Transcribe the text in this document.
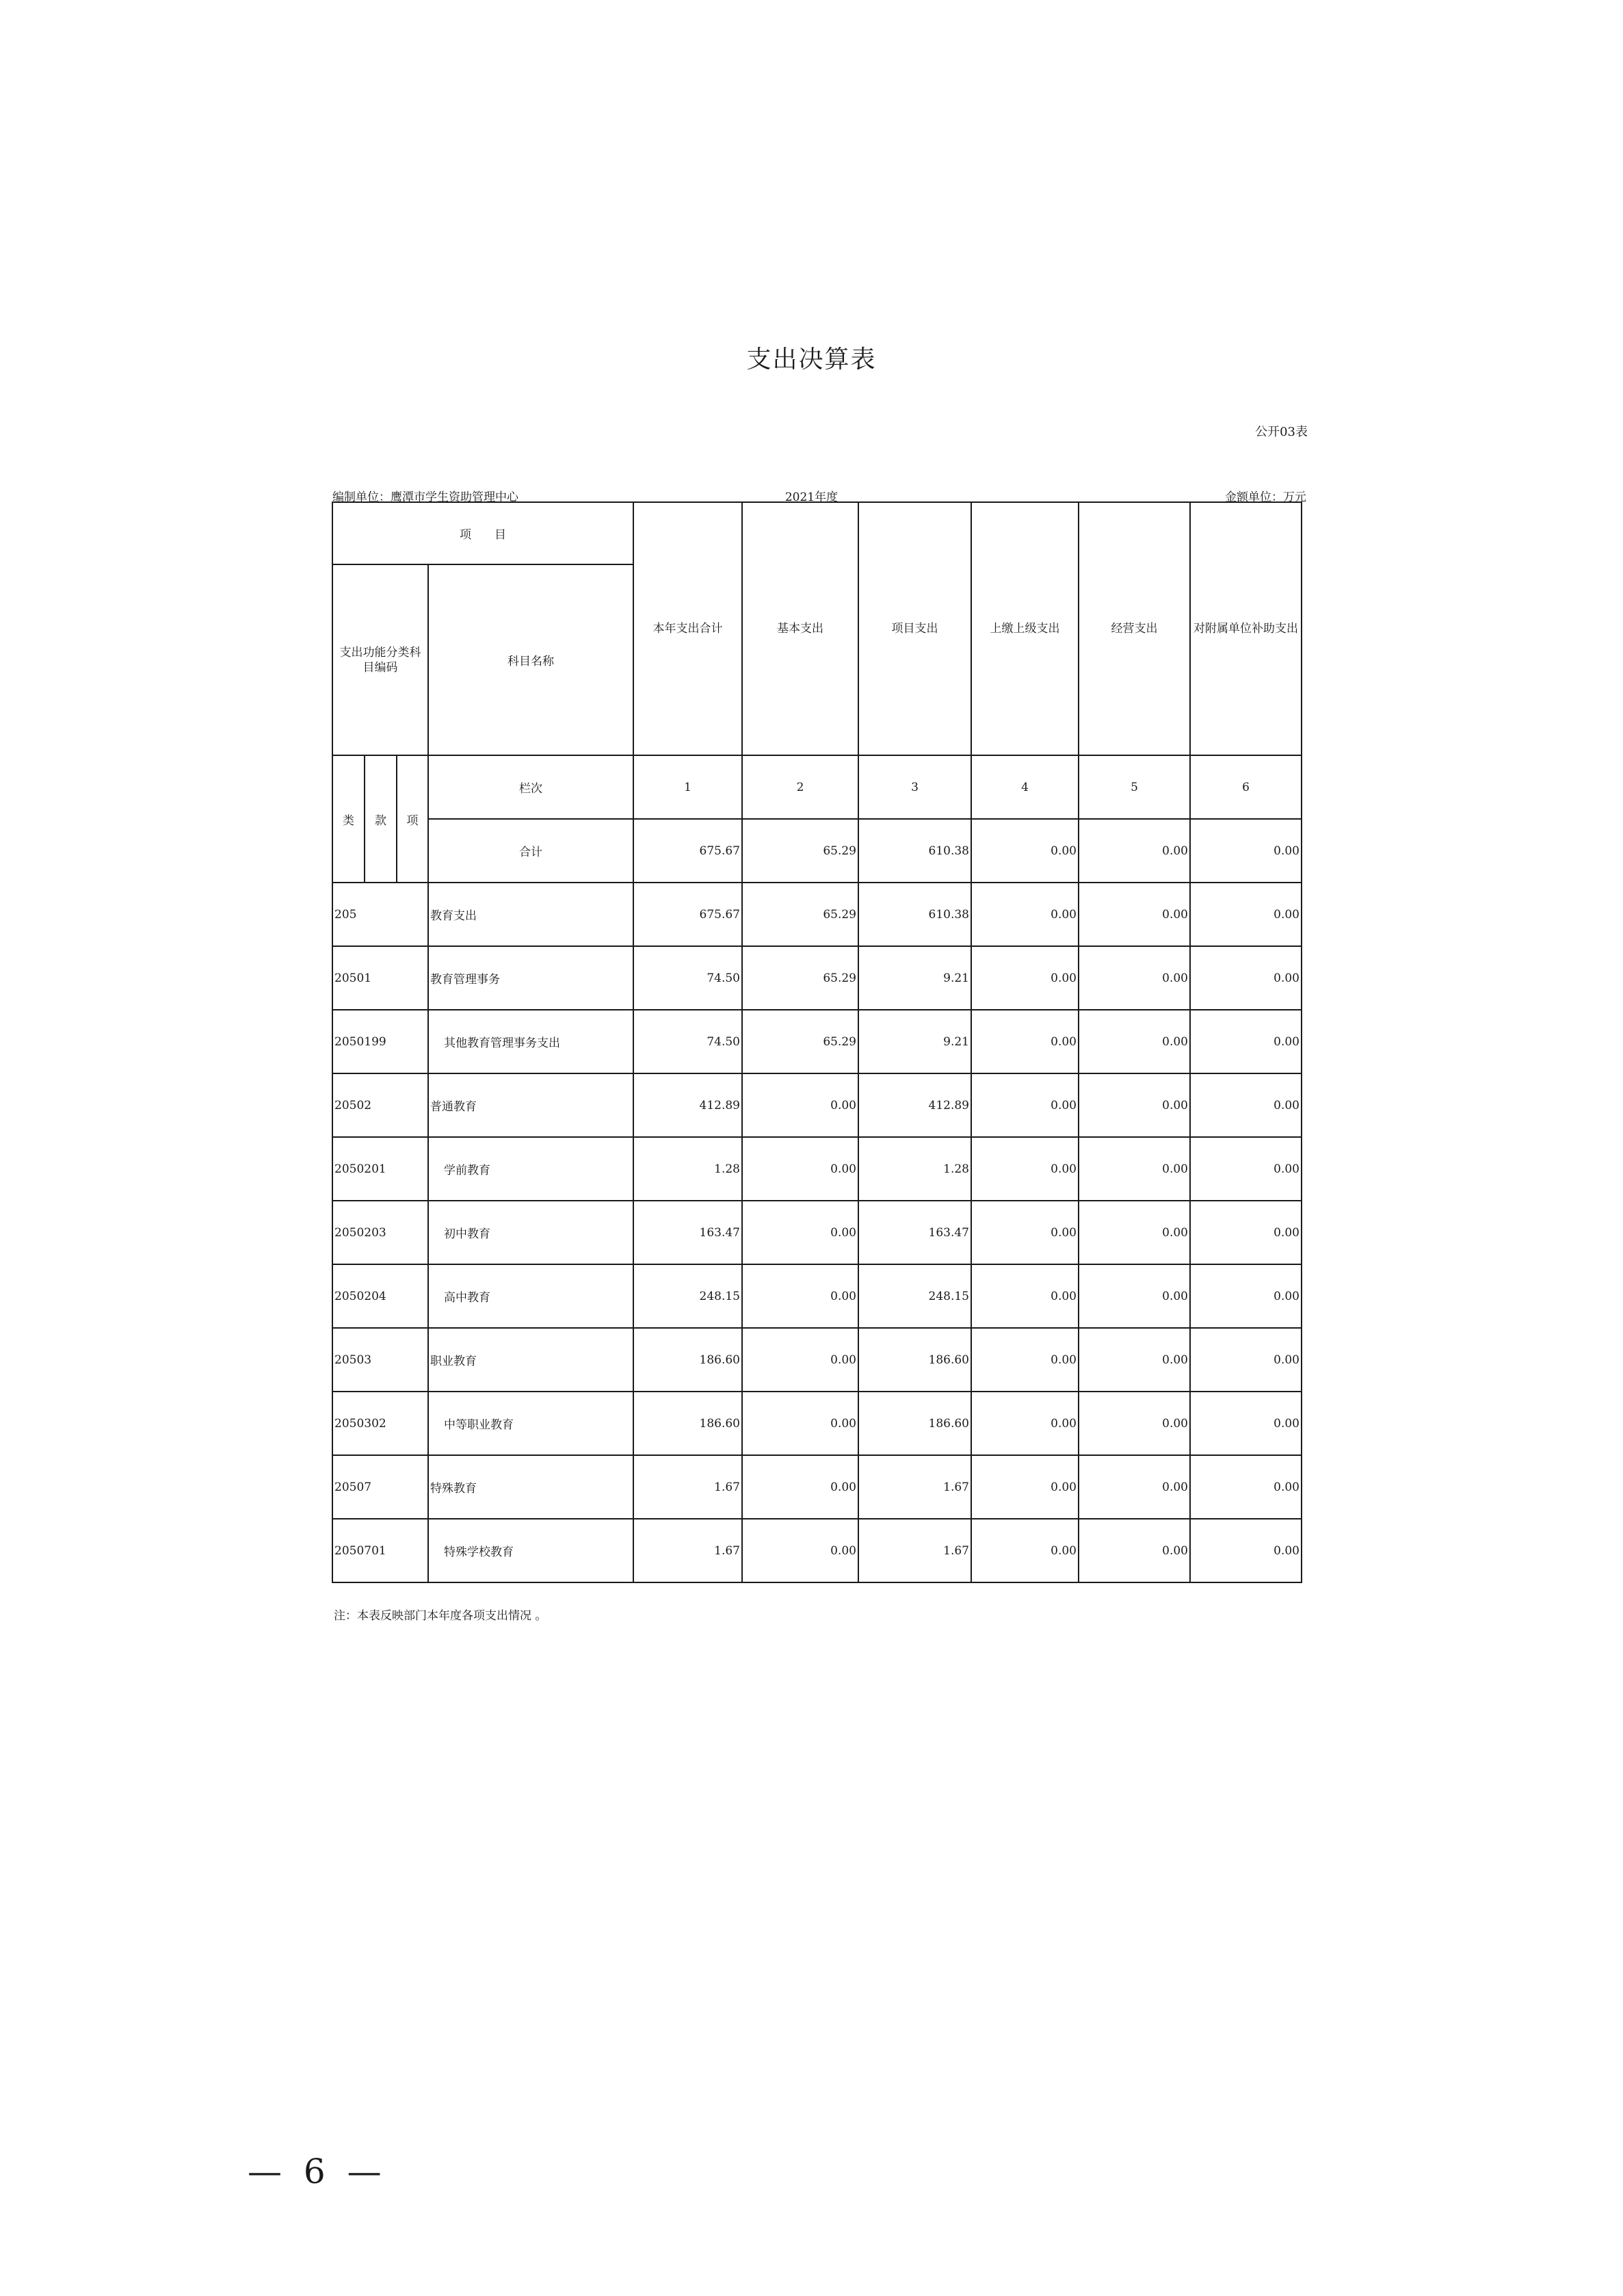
支出决算表
公开03表
编制单位：鹰潭市学生资助管理中心	2021年度	金额单位：万元
项　　目				本年支出合计	基本支出	项目支出	上缴上级支出	经营支出	对附属单位补助支出
支出功能分类科目编码			科目名称						
类	款	项	栏次	1	2	3	4	5	6
			合计	675.67	65.29	610.38	0.00	0.00	0.00
205			教育支出	675.67	65.29	610.38	0.00	0.00	0.00
20501			教育管理事务	74.50	65.29	9.21	0.00	0.00	0.00
2050199			其他教育管理事务支出	74.50	65.29	9.21	0.00	0.00	0.00
20502			普通教育	412.89	0.00	412.89	0.00	0.00	0.00
2050201			学前教育	1.28	0.00	1.28	0.00	0.00	0.00
2050203			初中教育	163.47	0.00	163.47	0.00	0.00	0.00
2050204			高中教育	248.15	0.00	248.15	0.00	0.00	0.00
20503			职业教育	186.60	0.00	186.60	0.00	0.00	0.00
2050302			中等职业教育	186.60	0.00	186.60	0.00	0.00	0.00
20507			特殊教育	1.67	0.00	1.67	0.00	0.00	0.00
2050701			特殊学校教育	1.67	0.00	1.67	0.00	0.00	0.00
注：本表反映部门本年度各项支出情况 。
— 6 —
